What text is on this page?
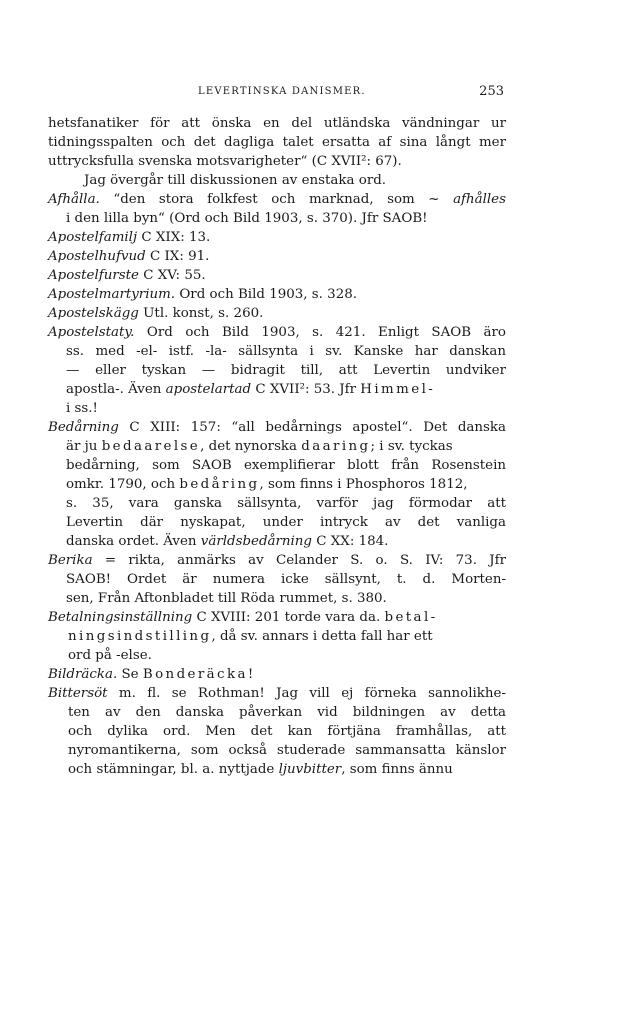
LEVERTINSKA DANISMER.	253
hetsfanatiker för att önska en del utländska vändningar ur
tidningsspalten och det dagliga talet ersatta af sina långt mer
uttrycksfulla svenska motsvarigheter“ (C XVII²: 67).
Jag övergår till diskussionen av enstaka ord.
Afhålla. “den stora folkfest och marknad, som ~ afhålles
i den lilla byn“ (Ord och Bild 1903, s. 370). Jfr SAOB!
Apostelfamilj C XIX: 13.
Apostelhufvud C IX: 91.
Apostelfurste C XV: 55.
Apostelmartyrium. Ord och Bild 1903, s. 328.
Apostelskägg Utl. konst, s. 260.
Apostelstaty. Ord och Bild 1903, s. 421. Enligt SAOB äro
ss. med -el- istf. -la- sällsynta i sv. Kanske har danskan
— eller tyskan — bidragit till, att Levertin undviker
apostla-. Även apostelartad C XVII²: 53. Jfr Himmel-
i ss.!
Bedårning C XIII: 157: “all bedårnings apostel“. Det danska
är ju bedaarelse, det nynorska daaring; i sv. tyckas
bedårning, som SAOB exemplifierar blott från Rosenstein
omkr. 1790, och bedåring, som finns i Phosphoros 1812,
s. 35, vara ganska sällsynta, varför jag förmodar att
Levertin där nyskapat, under intryck av det vanliga
danska ordet. Även världsbedårning C XX: 184.
Berika = rikta, anmärks av Celander S. o. S. IV: 73. Jfr
SAOB! Ordet är numera icke sällsynt, t. d. Morten-
sen, Från Aftonbladet till Röda rummet, s. 380.
Betalningsinställning C XVIII: 201 torde vara da. betal-
ningsindstilling, då sv. annars i detta fall har ett
ord på -else.
Bildräcka. Se Bonderäcka!
Bittersöt m. fl. se Rothman! Jag vill ej förneka sannolikhe-
ten av den danska påverkan vid bildningen av detta
och dylika ord. Men det kan förtjäna framhållas, att
nyromantikerna, som också studerade sammansatta känslor
och stämningar, bl. a. nyttjade ljuvbitter, som finns ännu
